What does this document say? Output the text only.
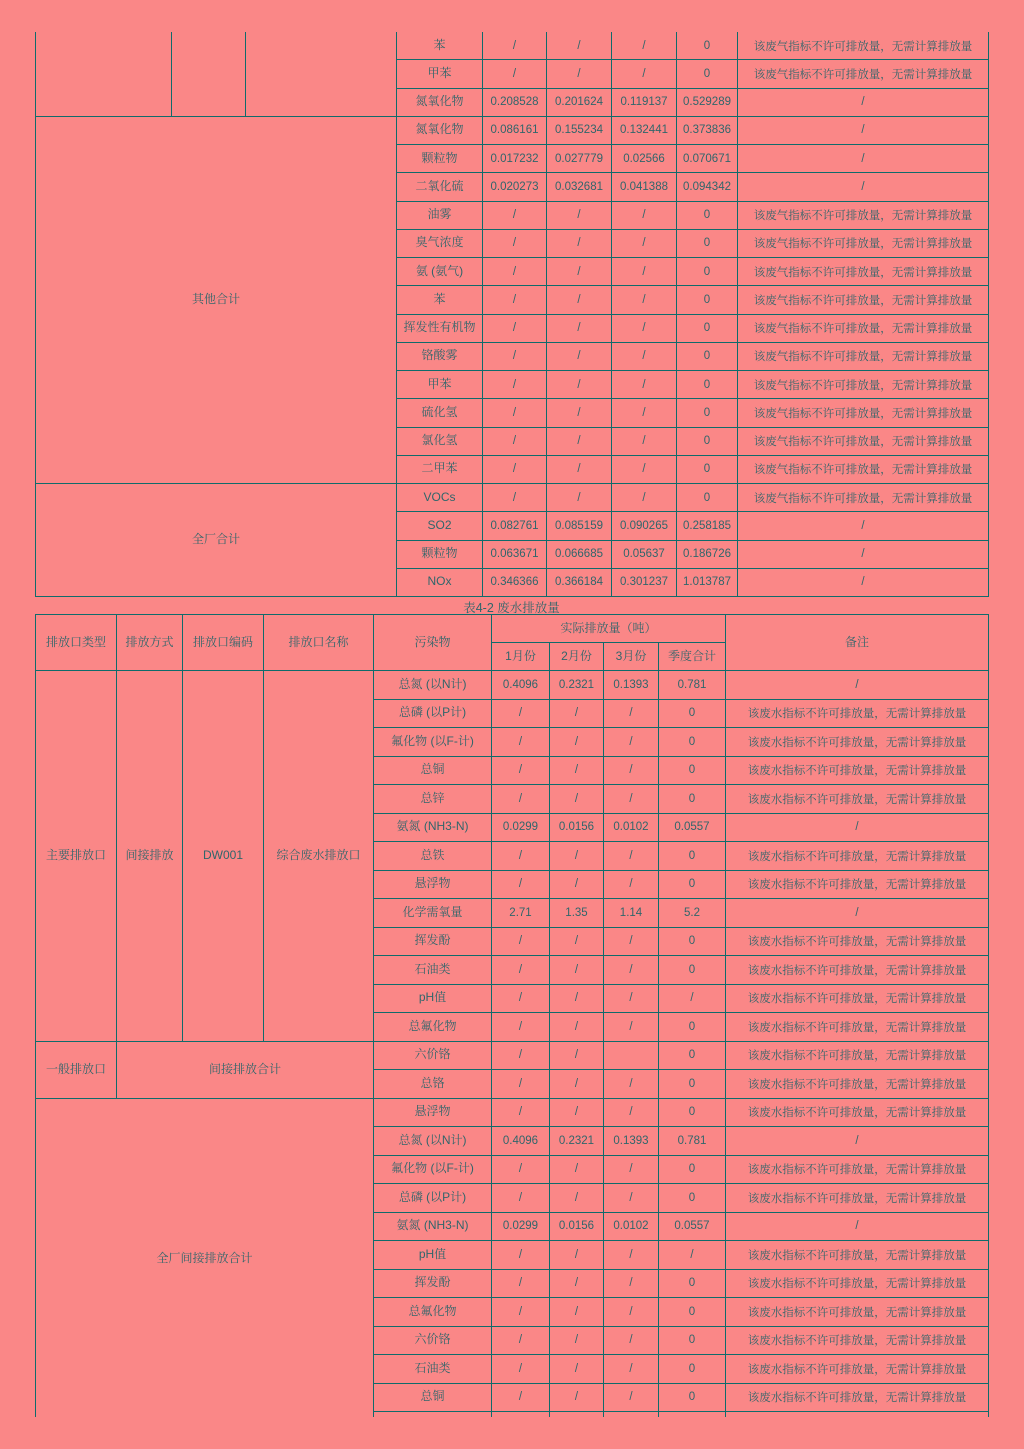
			苯	/	/	/	0	该废气指标不许可排放量，无需计算排放量
			甲苯	/	/	/	0	该废气指标不许可排放量，无需计算排放量
			氮氧化物	0.208528	0.201624	0.119137	0.529289	/
其他合计			氮氧化物	0.086161	0.155234	0.132441	0.373836	/
			颗粒物	0.017232	0.027779	0.02566	0.070671	/
			二氧化硫	0.020273	0.032681	0.041388	0.094342	/
			油雾	/	/	/	0	该废气指标不许可排放量，无需计算排放量
			臭气浓度	/	/	/	0	该废气指标不许可排放量，无需计算排放量
			氨 (氨气)	/	/	/	0	该废气指标不许可排放量，无需计算排放量
			苯	/	/	/	0	该废气指标不许可排放量，无需计算排放量
			挥发性有机物	/	/	/	0	该废气指标不许可排放量，无需计算排放量
			铬酸雾	/	/	/	0	该废气指标不许可排放量，无需计算排放量
			甲苯	/	/	/	0	该废气指标不许可排放量，无需计算排放量
			硫化氢	/	/	/	0	该废气指标不许可排放量，无需计算排放量
			氯化氢	/	/	/	0	该废气指标不许可排放量，无需计算排放量
			二甲苯	/	/	/	0	该废气指标不许可排放量，无需计算排放量
全厂合计			VOCs	/	/	/	0	该废气指标不许可排放量，无需计算排放量
			SO2	0.082761	0.085159	0.090265	0.258185	/
			颗粒物	0.063671	0.066685	0.05637	0.186726	/
			NOx	0.346366	0.366184	0.301237	1.013787	/
表4-2 废水排放量
排放口类型	排放方式	排放口编码	排放口名称	污染物	实际排放量（吨）				备注
					1月份	2月份	3月份	季度合计	
主要排放口	间接排放	DW001	综合废水排放口	总氮 (以N计)	0.4096	0.2321	0.1393	0.781	/
				总磷 (以P计)	/	/	/	0	该废水指标不许可排放量，无需计算排放量
				氟化物 (以F-计)	/	/	/	0	该废水指标不许可排放量，无需计算排放量
				总铜	/	/	/	0	该废水指标不许可排放量，无需计算排放量
				总锌	/	/	/	0	该废水指标不许可排放量，无需计算排放量
				氨氮 (NH3-N)	0.0299	0.0156	0.0102	0.0557	/
				总铁	/	/	/	0	该废水指标不许可排放量，无需计算排放量
				悬浮物	/	/	/	0	该废水指标不许可排放量，无需计算排放量
				化学需氧量	2.71	1.35	1.14	5.2	/
				挥发酚	/	/	/	0	该废水指标不许可排放量，无需计算排放量
				石油类	/	/	/	0	该废水指标不许可排放量，无需计算排放量
				pH值	/	/	/	/	该废水指标不许可排放量，无需计算排放量
				总氟化物	/	/	/	0	该废水指标不许可排放量，无需计算排放量
一般排放口	间接排放合计			六价铬	/	/		0	该废水指标不许可排放量，无需计算排放量
				总铬	/	/	/	0	该废水指标不许可排放量，无需计算排放量
全厂间接排放合计				悬浮物	/	/	/	0	该废水指标不许可排放量，无需计算排放量
				总氮 (以N计)	0.4096	0.2321	0.1393	0.781	/
				氟化物 (以F-计)	/	/	/	0	该废水指标不许可排放量，无需计算排放量
				总磷 (以P计)	/	/	/	0	该废水指标不许可排放量，无需计算排放量
				氨氮 (NH3-N)	0.0299	0.0156	0.0102	0.0557	/
				pH值	/	/	/	/	该废水指标不许可排放量，无需计算排放量
				挥发酚	/	/	/	0	该废水指标不许可排放量，无需计算排放量
				总氟化物	/	/	/	0	该废水指标不许可排放量，无需计算排放量
				六价铬	/	/	/	0	该废水指标不许可排放量，无需计算排放量
				石油类	/	/	/	0	该废水指标不许可排放量，无需计算排放量
				总铜	/	/	/	0	该废水指标不许可排放量，无需计算排放量
